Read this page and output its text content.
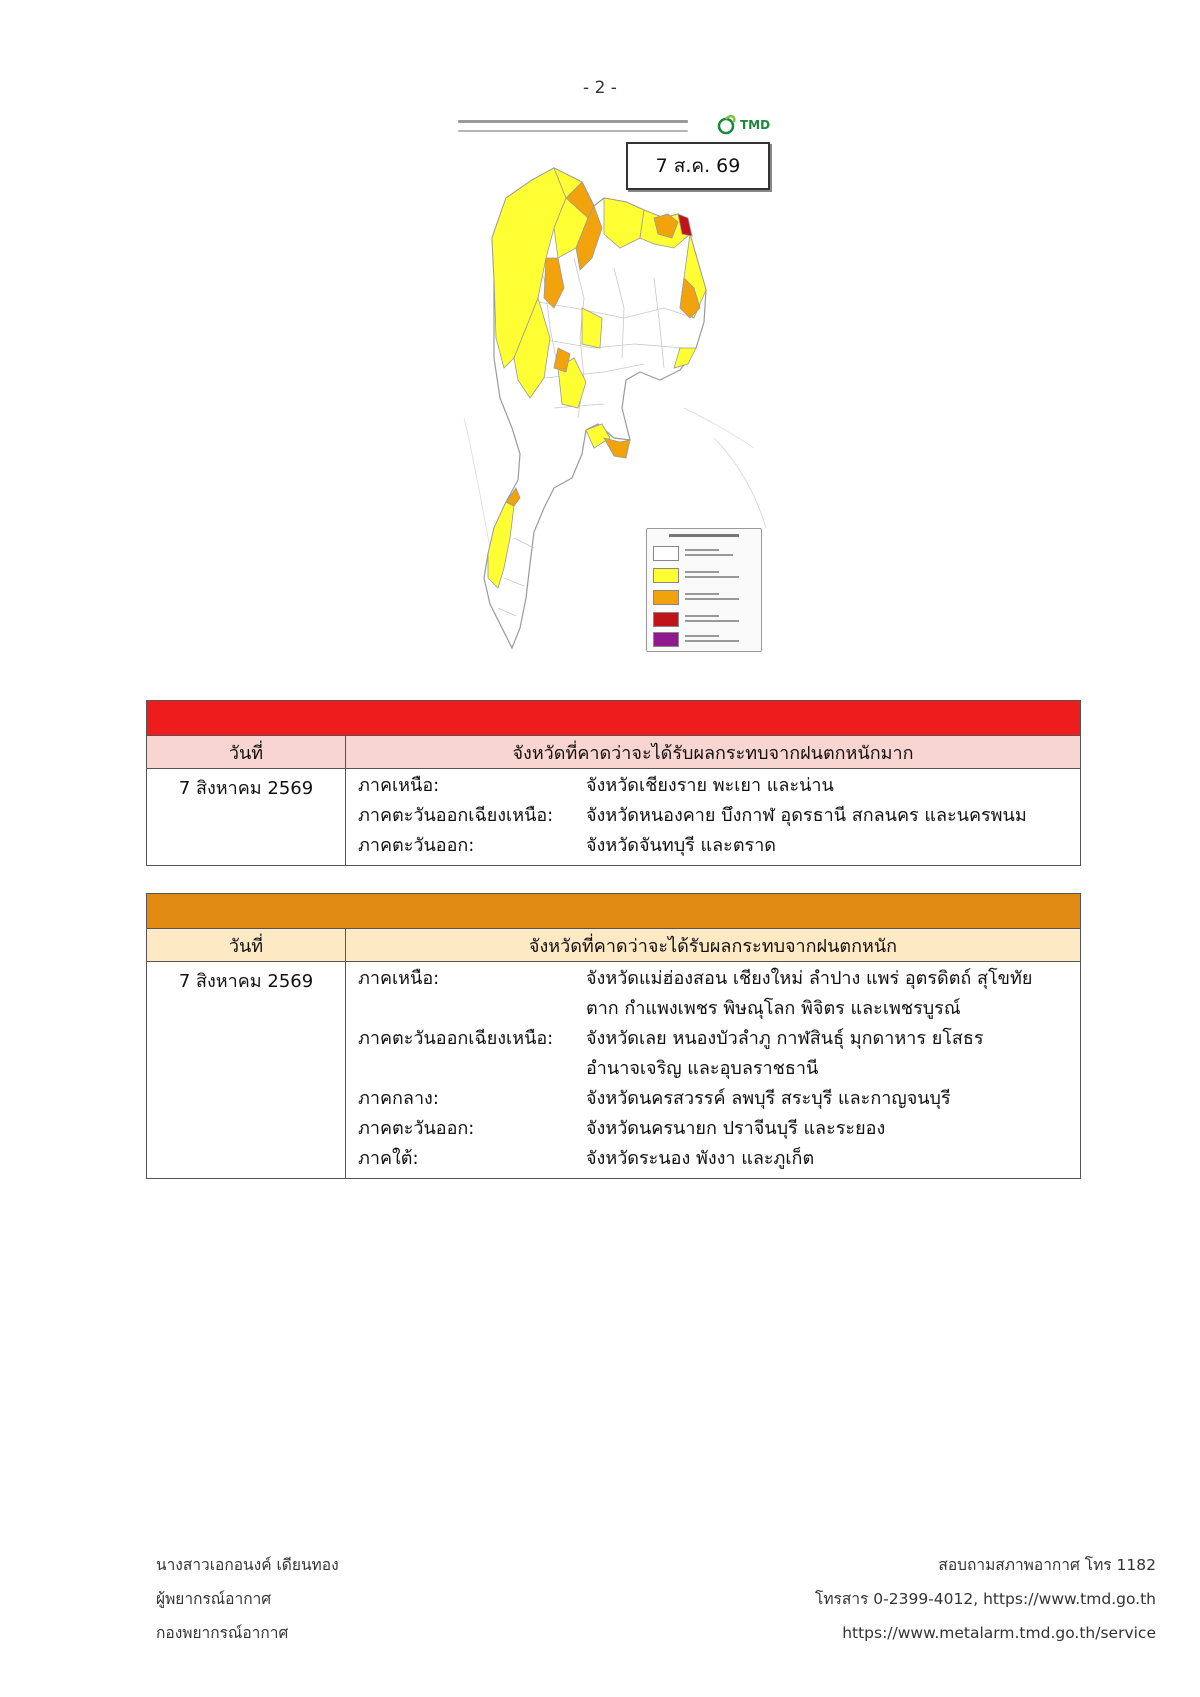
- 2 -
TMD
7 ส.ค. 69
วันที่	จังหวัดที่คาดว่าจะได้รับผลกระทบจากฝนตกหนักมาก
7 สิงหาคม 2569	ภาคเหนือ:	จังหวัดเชียงราย พะเยา และน่าน
ภาคตะวันออกเฉียงเหนือ:	จังหวัดหนองคาย บึงกาฬ อุดรธานี สกลนคร และนครพนม
ภาคตะวันออก:	จังหวัดจันทบุรี และตราด
วันที่	จังหวัดที่คาดว่าจะได้รับผลกระทบจากฝนตกหนัก
7 สิงหาคม 2569	ภาคเหนือ:	จังหวัดแม่ฮ่องสอน เชียงใหม่ ลำปาง แพร่ อุตรดิตถ์ สุโขทัย ตาก กำแพงเพชร พิษณุโลก พิจิตร และเพชรบูรณ์
ภาคตะวันออกเฉียงเหนือ:	จังหวัดเลย หนองบัวลำภู กาฬสินธุ์ มุกดาหาร ยโสธร อำนาจเจริญ และอุบลราชธานี
ภาคกลาง:	จังหวัดนครสวรรค์ ลพบุรี สระบุรี และกาญจนบุรี
ภาคตะวันออก:	จังหวัดนครนายก ปราจีนบุรี และระยอง
ภาคใต้:	จังหวัดระนอง พังงา และภูเก็ต
นางสาวเอกอนงค์ เดียนทอง
ผู้พยากรณ์อากาศ
กองพยากรณ์อากาศ
สอบถามสภาพอากาศ โทร 1182
โทรสาร 0-2399-4012, https://www.tmd.go.th
https://www.metalarm.tmd.go.th/service
